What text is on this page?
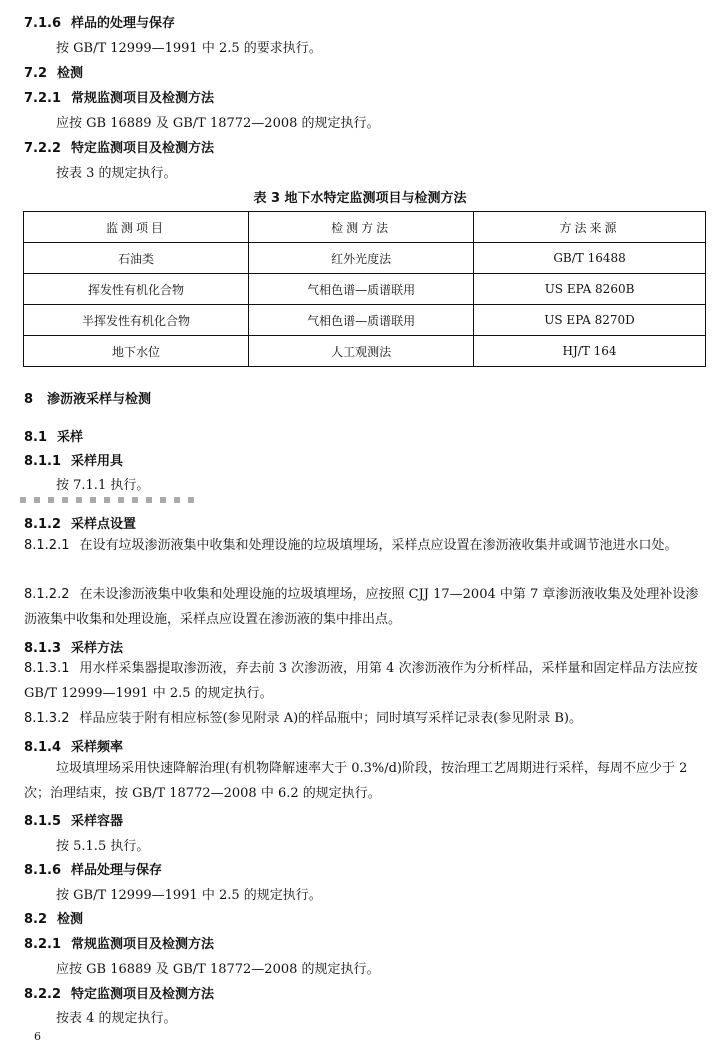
7.1.6 样品的处理与保存
按 GB/T 12999—1991 中 2.5 的要求执行。
7.2 检测
7.2.1 常规监测项目及检测方法
应按 GB 16889 及 GB/T 18772—2008 的规定执行。
7.2.2 特定监测项目及检测方法
按表 3 的规定执行。
表 3 地下水特定监测项目与检测方法
监测项目	检测方法	方法来源
石油类	红外光度法	GB/T 16488
挥发性有机化合物	气相色谱—质谱联用	US EPA 8260B
半挥发性有机化合物	气相色谱—质谱联用	US EPA 8270D
地下水位	人工观测法	HJ/T 164
8 渗沥液采样与检测
8.1 采样
8.1.1 采样用具
按 7.1.1 执行。
8.1.2 采样点设置
8.1.2.1 在设有垃圾渗沥液集中收集和处理设施的垃圾填埋场，采样点应设置在渗沥液收集井或调节池进水口处。
8.1.2.2 在未设渗沥液集中收集和处理设施的垃圾填埋场，应按照 CJJ 17—2004 中第 7 章渗沥液收集及处理补设渗沥液集中收集和处理设施，采样点应设置在渗沥液的集中排出点。
8.1.3 采样方法
8.1.3.1 用水样采集器提取渗沥液，弃去前 3 次渗沥液，用第 4 次渗沥液作为分析样品，采样量和固定样品方法应按 GB/T 12999—1991 中 2.5 的规定执行。
8.1.3.2 样品应装于附有相应标签(参见附录 A)的样品瓶中；同时填写采样记录表(参见附录 B)。
8.1.4 采样频率
垃圾填埋场采用快速降解治理(有机物降解速率大于 0.3%/d)阶段，按治理工艺周期进行采样，每周不应少于 2 次；治理结束，按 GB/T 18772—2008 中 6.2 的规定执行。
8.1.5 采样容器
按 5.1.5 执行。
8.1.6 样品处理与保存
按 GB/T 12999—1991 中 2.5 的规定执行。
8.2 检测
8.2.1 常规监测项目及检测方法
应按 GB 16889 及 GB/T 18772—2008 的规定执行。
8.2.2 特定监测项目及检测方法
按表 4 的规定执行。
6
